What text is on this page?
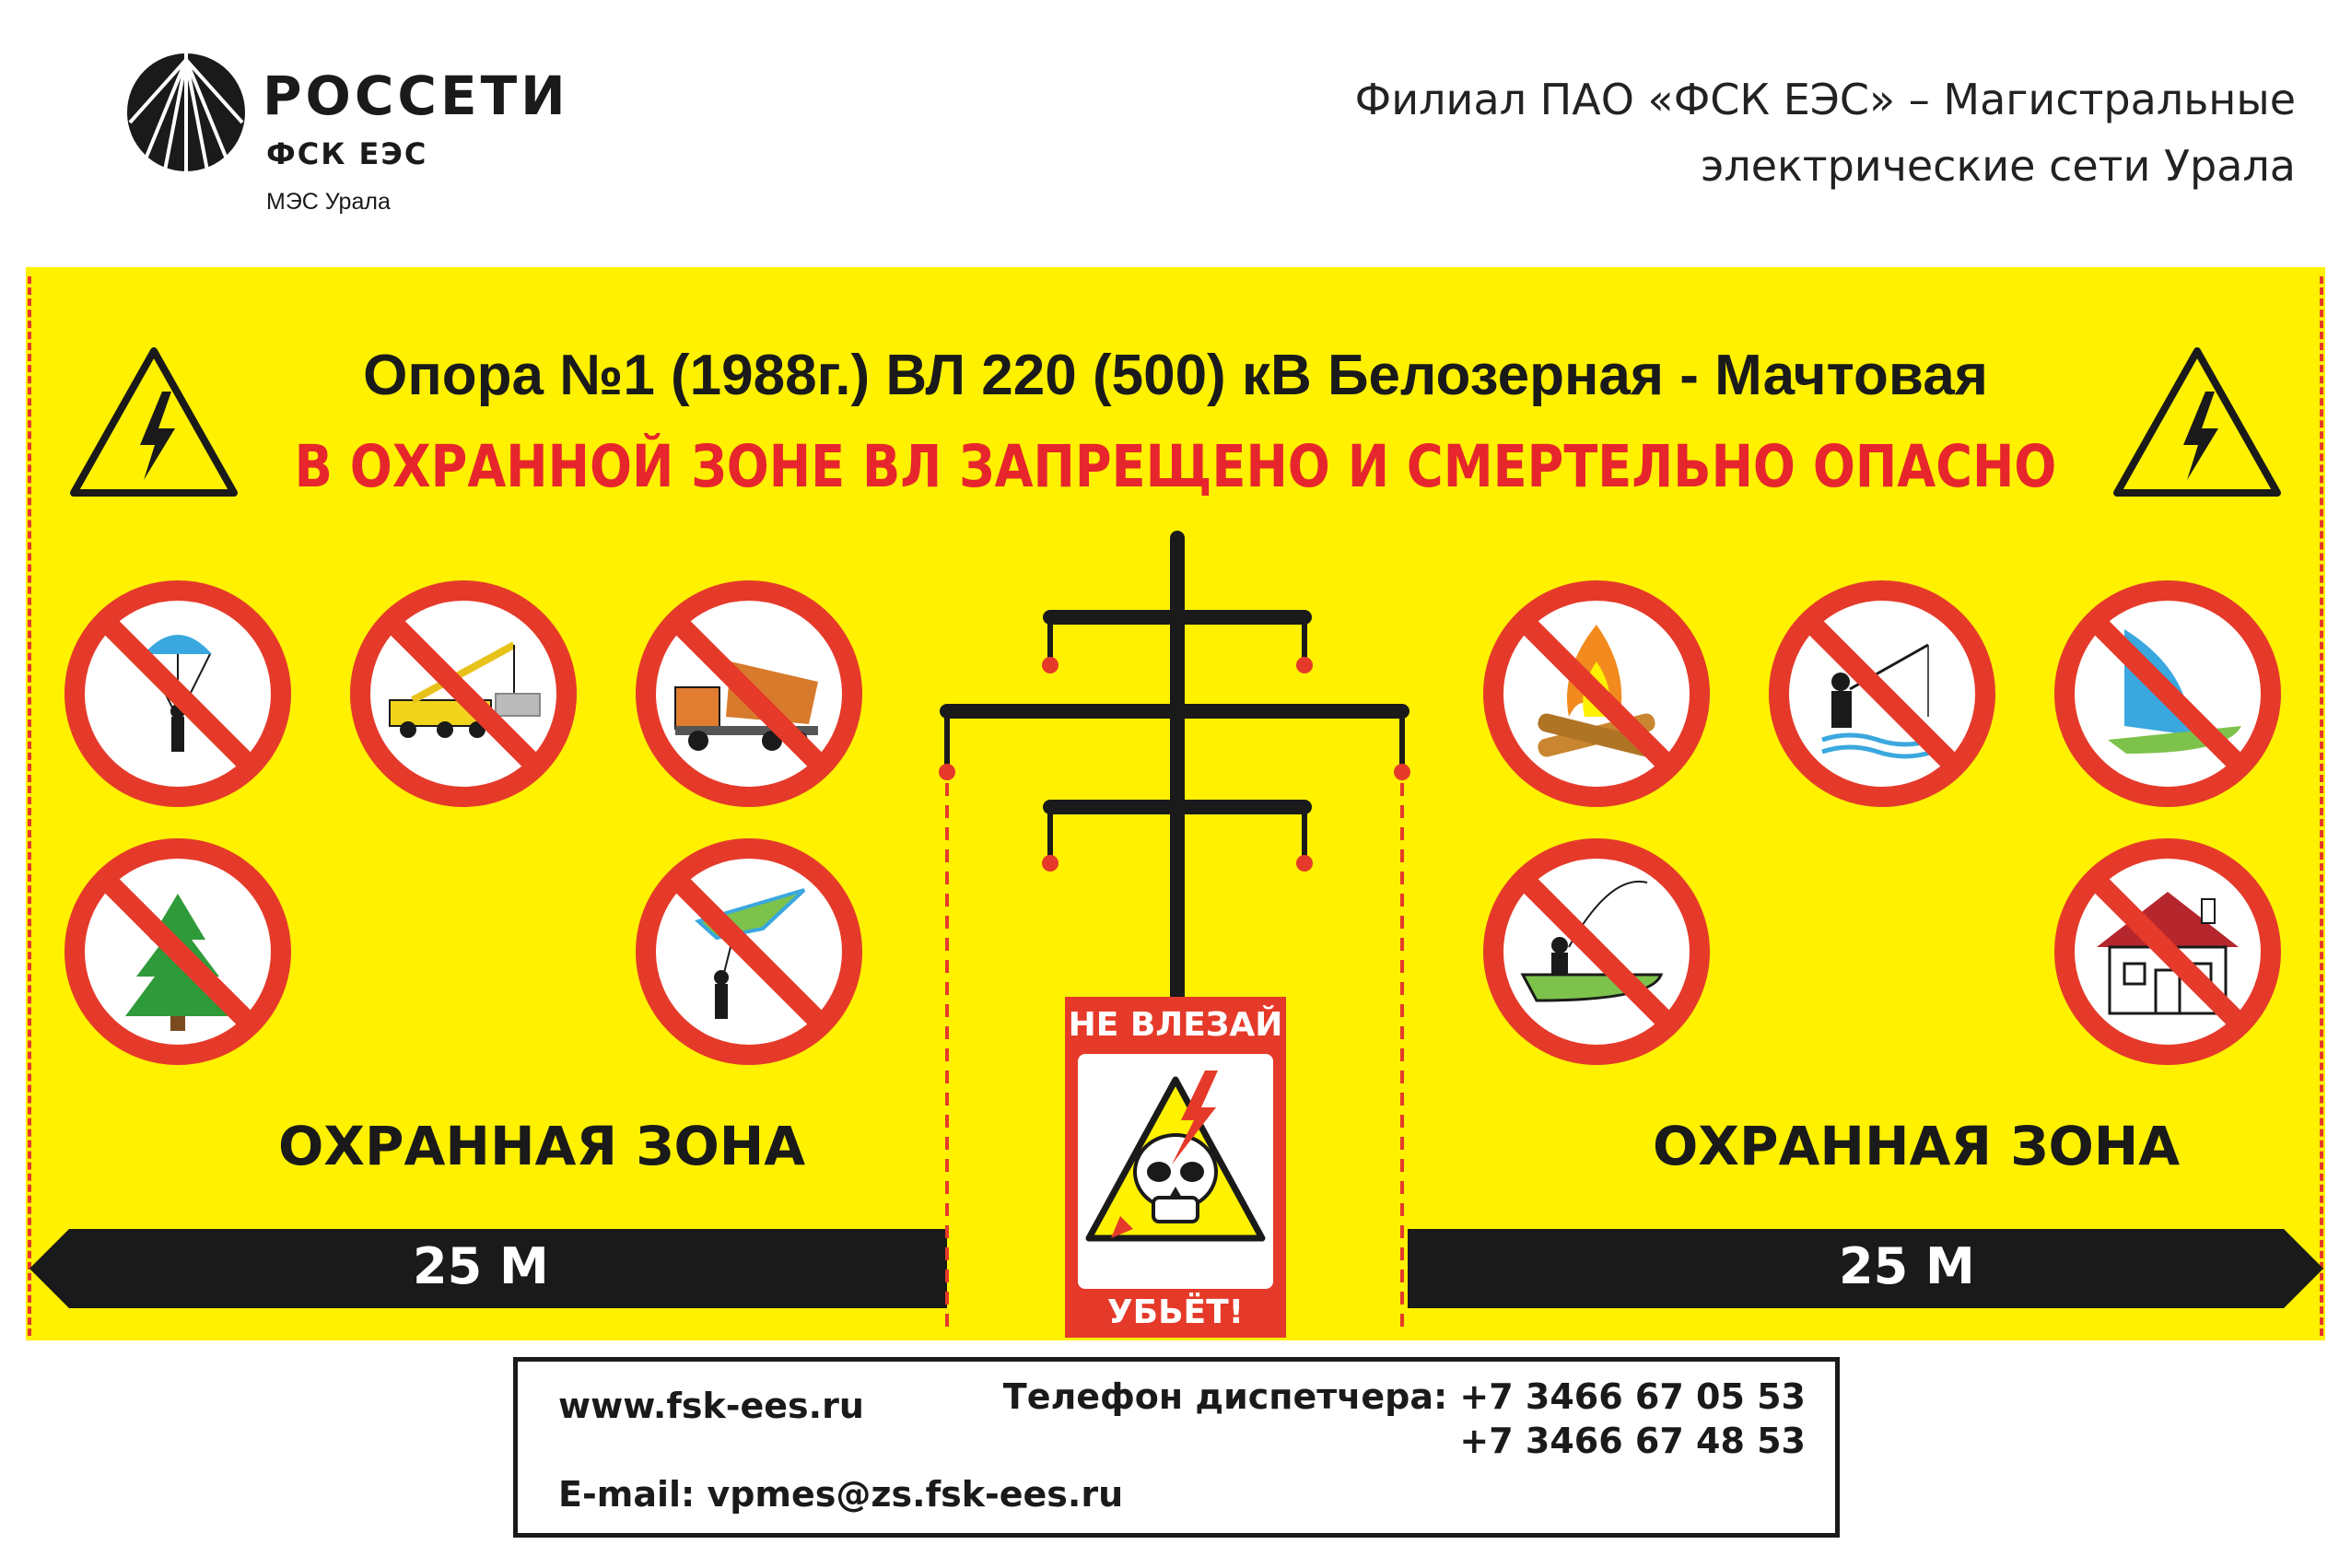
РОССЕТИ
ФСК ЕЭС
МЭС Урала
Филиал ПАО «ФСК ЕЭС» – Магистральные
электрические сети Урала
Опора №1 (1988г.) ВЛ 220 (500) кВ Белозерная - Мачтовая
В ОХРАННОЙ ЗОНЕ ВЛ ЗАПРЕЩЕНО И СМЕРТЕЛЬНО ОПАСНО
ОХРАННАЯ ЗОНА	ОХРАННАЯ ЗОНА
25 М	25 М
НЕ ВЛЕЗАЙ
УБЬЁТ!
www.fsk-ees.ru
E-mail: vpmes@zs.fsk-ees.ru
Телефон диспетчера: +7 3466 67 05 53
+7 3466 67 48 53
